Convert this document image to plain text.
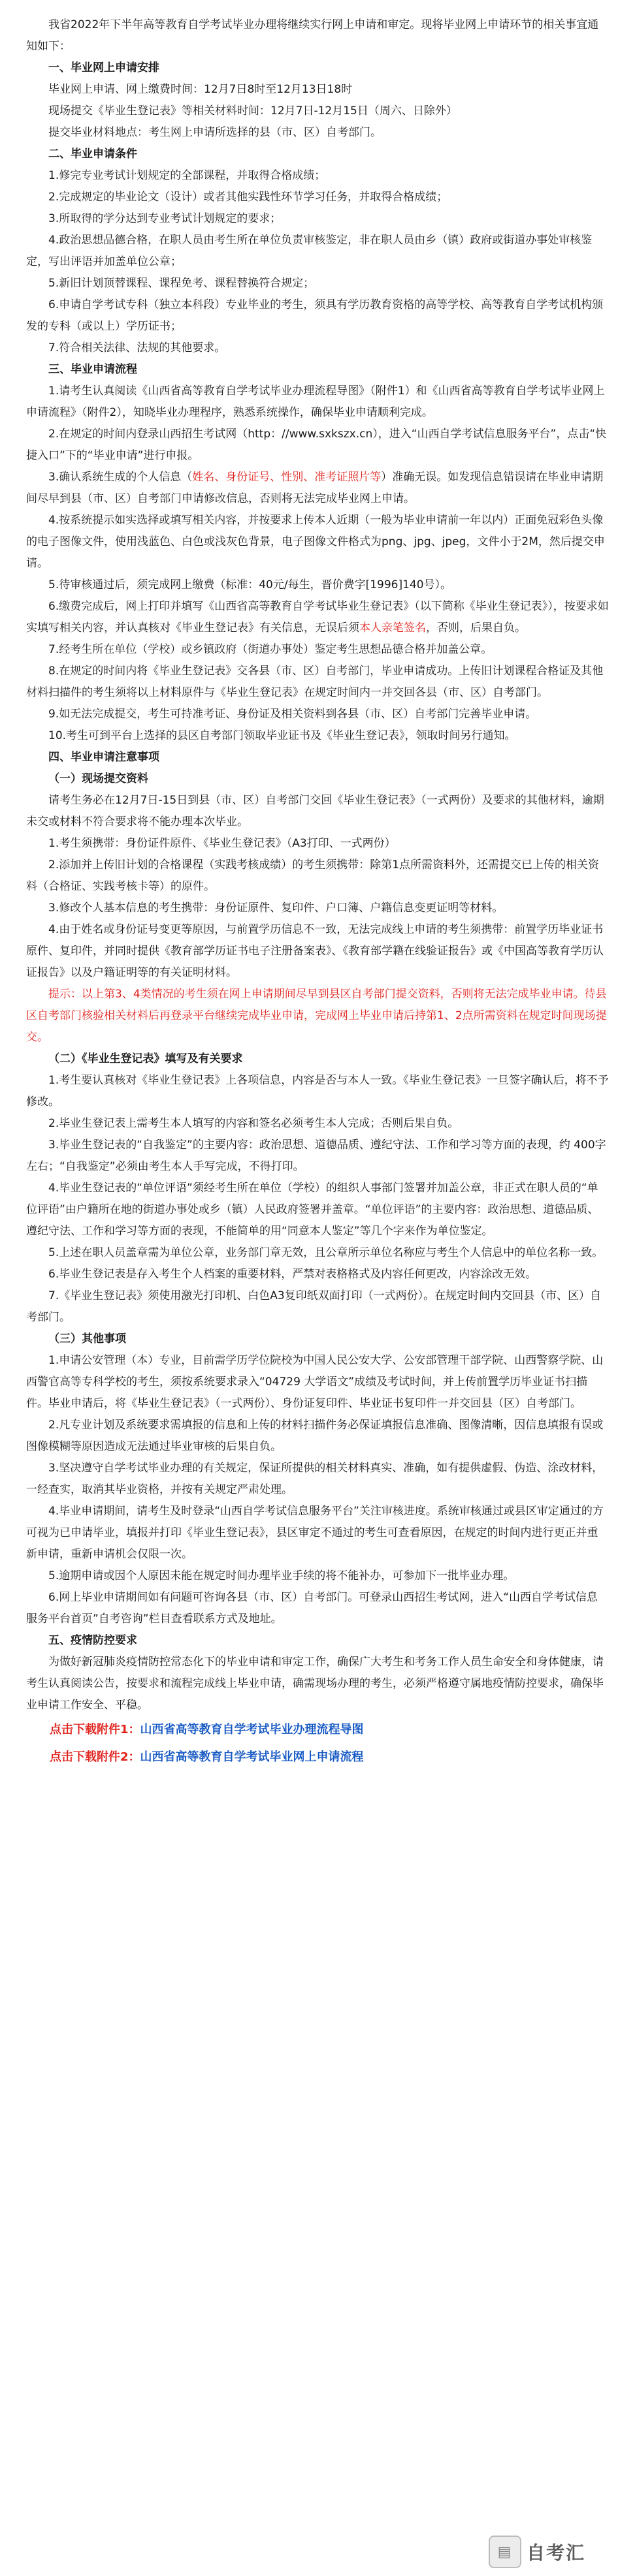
我省2022年下半年高等教育自学考试毕业办理将继续实行网上申请和审定。现将毕业网上申请环节的相关事宜通知如下：

一、毕业网上申请安排

毕业网上申请、网上缴费时间：12月7日8时至12月13日18时

现场提交《毕业生登记表》等相关材料时间：12月7日-12月15日（周六、日除外）

提交毕业材料地点：考生网上申请所选择的县（市、区）自考部门。

二、毕业申请条件

1.修完专业考试计划规定的全部课程，并取得合格成绩；

2.完成规定的毕业论文（设计）或者其他实践性环节学习任务，并取得合格成绩；

3.所取得的学分达到专业考试计划规定的要求；

4.政治思想品德合格，在职人员由考生所在单位负责审核鉴定，非在职人员由乡（镇）政府或街道办事处审核鉴定，写出评语并加盖单位公章；

5.新旧计划顶替课程、课程免考、课程替换符合规定；

6.申请自学考试专科（独立本科段）专业毕业的考生，须具有学历教育资格的高等学校、高等教育自学考试机构颁发的专科（或以上）学历证书；

7.符合相关法律、法规的其他要求。

三、毕业申请流程

1.请考生认真阅读《山西省高等教育自学考试毕业办理流程导图》（附件1）和《山西省高等教育自学考试毕业网上申请流程》（附件2），知晓毕业办理程序，熟悉系统操作，确保毕业申请顺利完成。

2.在规定的时间内登录山西招生考试网（http：//www.sxkszx.cn），进入“山西自学考试信息服务平台”，点击“快捷入口”下的“毕业申请”进行申报。

3.确认系统生成的个人信息（姓名、身份证号、性别、准考证照片等）准确无误。如发现信息错误请在毕业申请期间尽早到县（市、区）自考部门申请修改信息，否则将无法完成毕业网上申请。

4.按系统提示如实选择或填写相关内容，并按要求上传本人近期（一般为毕业申请前一年以内）正面免冠彩色头像的电子图像文件，使用浅蓝色、白色或浅灰色背景，电子图像文件格式为png、jpg、jpeg，文件小于2M，然后提交申请。

5.待审核通过后，须完成网上缴费（标准：40元/每生，晋价费字[1996]140号）。

6.缴费完成后，网上打印并填写《山西省高等教育自学考试毕业生登记表》（以下简称《毕业生登记表》），按要求如实填写相关内容，并认真核对《毕业生登记表》有关信息，无误后须本人亲笔签名，否则，后果自负。

7.经考生所在单位（学校）或乡镇政府（街道办事处）鉴定考生思想品德合格并加盖公章。

8.在规定的时间内将《毕业生登记表》交各县（市、区）自考部门，毕业申请成功。上传旧计划课程合格证及其他材料扫描件的考生须将以上材料原件与《毕业生登记表》在规定时间内一并交回各县（市、区）自考部门。

9.如无法完成提交，考生可持准考证、身份证及相关资料到各县（市、区）自考部门完善毕业申请。

10.考生可到平台上选择的县区自考部门领取毕业证书及《毕业生登记表》，领取时间另行通知。

四、毕业申请注意事项

（一）现场提交资料

请考生务必在12月7日-15日到县（市、区）自考部门交回《毕业生登记表》（一式两份）及要求的其他材料，逾期未交或材料不符合要求将不能办理本次毕业。

1.考生须携带：身份证件原件、《毕业生登记表》（A3打印、一式两份）

2.添加并上传旧计划的合格课程（实践考核成绩）的考生须携带：除第1点所需资料外，还需提交已上传的相关资料（合格证、实践考核卡等）的原件。

3.修改个人基本信息的考生携带：身份证原件、复印件、户口簿、户籍信息变更证明等材料。

4.由于姓名或身份证号变更等原因，与前置学历信息不一致，无法完成线上申请的考生须携带：前置学历毕业证书原件、复印件，并同时提供《教育部学历证书电子注册备案表》、《教育部学籍在线验证报告》或《中国高等教育学历认证报告》以及户籍证明等的有关证明材料。

提示：以上第3、4类情况的考生须在网上申请期间尽早到县区自考部门提交资料，否则将无法完成毕业申请。待县区自考部门核验相关材料后再登录平台继续完成毕业申请，完成网上毕业申请后持第1、2点所需资料在规定时间现场提交。

（二）《毕业生登记表》填写及有关要求

1.考生要认真核对《毕业生登记表》上各项信息，内容是否与本人一致。《毕业生登记表》一旦签字确认后，将不予修改。

2.毕业生登记表上需考生本人填写的内容和签名必须考生本人完成；否则后果自负。

3.毕业生登记表的“自我鉴定”的主要内容：政治思想、道德品质、遵纪守法、工作和学习等方面的表现，约 400字左右；“自我鉴定”必须由考生本人手写完成，不得打印。

4.毕业生登记表的“单位评语”须经考生所在单位（学校）的组织人事部门签署并加盖公章，非正式在职人员的“单位评语”由户籍所在地的街道办事处或乡（镇）人民政府签署并盖章。“单位评语”的主要内容：政治思想、道德品质、遵纪守法、工作和学习等方面的表现，不能简单的用“同意本人鉴定”等几个字来作为单位鉴定。

5.上述在职人员盖章需为单位公章，业务部门章无效，且公章所示单位名称应与考生个人信息中的单位名称一致。

6.毕业生登记表是存入考生个人档案的重要材料，严禁对表格格式及内容任何更改，内容涂改无效。

7.《毕业生登记表》须使用激光打印机、白色A3复印纸双面打印（一式两份）。在规定时间内交回县（市、区）自考部门。

（三）其他事项

1.申请公安管理（本）专业，目前需学历学位院校为中国人民公安大学、公安部管理干部学院、山西警察学院、山西警官高等专科学校的考生，须按系统要求录入“04729 大学语文”成绩及考试时间，并上传前置学历毕业证书扫描件。毕业申请后，将《毕业生登记表》（一式两份）、身份证复印件、毕业证书复印件一并交回县（区）自考部门。

2.凡专业计划及系统要求需填报的信息和上传的材料扫描件务必保证填报信息准确、图像清晰，因信息填报有误或图像模糊等原因造成无法通过毕业审核的后果自负。

3.坚决遵守自学考试毕业办理的有关规定，保证所提供的相关材料真实、准确，如有提供虚假、伪造、涂改材料，一经查实，取消其毕业资格，并按有关规定严肃处理。

4.毕业申请期间，请考生及时登录“山西自学考试信息服务平台”关注审核进度。系统审核通过或县区审定通过的方可视为已申请毕业，填报并打印《毕业生登记表》，县区审定不通过的考生可查看原因，在规定的时间内进行更正并重新申请，重新申请机会仅限一次。

5.逾期申请或因个人原因未能在规定时间办理毕业手续的将不能补办，可参加下一批毕业办理。

6.网上毕业申请期间如有问题可咨询各县（市、区）自考部门。可登录山西招生考试网，进入“山西自学考试信息服务平台首页”自考咨询”栏目查看联系方式及地址。

五、疫情防控要求

为做好新冠肺炎疫情防控常态化下的毕业申请和审定工作，确保广大考生和考务工作人员生命安全和身体健康，请考生认真阅读公告，按要求和流程完成线上毕业申请，确需现场办理的考生，必须严格遵守属地疫情防控要求，确保毕业申请工作安全、平稳。

点击下载附件1：山西省高等教育自学考试毕业办理流程导图

点击下载附件2：山西省高等教育自学考试毕业网上申请流程

▤ 自考汇
